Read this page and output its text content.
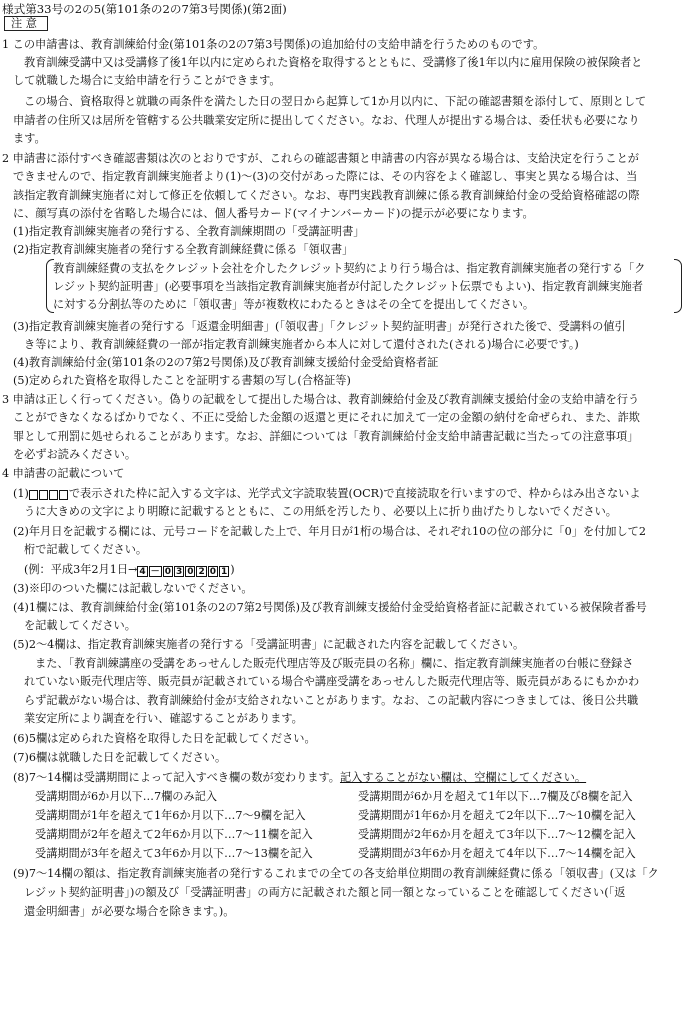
様式第33号の2の5(第101条の2の7第3号関係)(第2面)
注 意
1 この申請書は、教育訓練給付金(第101条の2の7第3号関係)の追加給付の支給申請を行うためのものです。
教育訓練受講中又は受講修了後1年以内に定められた資格を取得するとともに、受講修了後1年以内に雇用保険の被保険者と
して就職した場合に支給申請を行うことができます。
この場合、資格取得と就職の両条件を満たした日の翌日から起算して1か月以内に、下記の確認書類を添付して、原則として
申請者の住所又は居所を管轄する公共職業安定所に提出してください。なお、代理人が提出する場合は、委任状も必要になり
ます。
2 申請書に添付すべき確認書類は次のとおりですが、これらの確認書類と申請書の内容が異なる場合は、支給決定を行うことが
できませんので、指定教育訓練実施者より(1)～(3)の交付があった際には、その内容をよく確認し、事実と異なる場合は、当
該指定教育訓練実施者に対して修正を依頼してください。なお、専門実践教育訓練に係る教育訓練給付金の受給資格確認の際
に、顔写真の添付を省略した場合には、個人番号カード(マイナンバーカード)の提示が必要になります。
(1)指定教育訓練実施者の発行する、全教育訓練期間の「受講証明書」
(2)指定教育訓練実施者の発行する全教育訓練経費に係る「領収書」
教育訓練経費の支払をクレジット会社を介したクレジット契約により行う場合は、指定教育訓練実施者の発行する「ク
レジット契約証明書」(必要事項を当該指定教育訓練実施者が付記したクレジット伝票でもよい)、指定教育訓練実施者
に対する分割払等のために「領収書」等が複数枚にわたるときはその全てを提出してください。
(3)指定教育訓練実施者の発行する「返還金明細書」(「領収書」「クレジット契約証明書」が発行された後で、受講料の値引
き等により、教育訓練経費の一部が指定教育訓練実施者から本人に対して還付された(される)場合に必要です。)
(4)教育訓練給付金(第101条の2の7第2号関係)及び教育訓練支援給付金受給資格者証
(5)定められた資格を取得したことを証明する書類の写し(合格証等)
3 申請は正しく行ってください。偽りの記載をして提出した場合は、教育訓練給付金及び教育訓練支援給付金の支給申請を行う
ことができなくなるばかりでなく、不正に受給した金額の返還と更にそれに加えて一定の金額の納付を命ぜられ、また、詐欺
罪として刑罰に処せられることがあります。なお、詳細については「教育訓練給付金支給申請書記載に当たっての注意事項」
を必ずお読みください。
4 申請書の記載について
(1)	で表示された枠に記入する文字は、光学式文字読取装置(OCR)で直接読取を行いますので、枠からはみ出さないよ
うに大きめの文字により明瞭に記載するとともに、この用紙を汚したり、必要以上に折り曲げたりしないでください。
(2)年月日を記載する欄には、元号コードを記載した上で、年月日が1桁の場合は、それぞれ10の位の部分に「0」を付加して2
桁で記載してください。
(例：平成3年2月1日→ 4 － 0 3 0 2 0 1 )
(3)※印のついた欄には記載しないでください。
(4)1欄には、教育訓練給付金(第101条の2の7第2号関係)及び教育訓練支援給付金受給資格者証に記載されている被保険者番号
を記載してください。
(5)2～4欄は、指定教育訓練実施者の発行する「受講証明書」に記載された内容を記載してください。
また、「教育訓練講座の受講をあっせんした販売代理店等及び販売員の名称」欄に、指定教育訓練実施者の台帳に登録さ
れていない販売代理店等、販売員が記載されている場合や講座受講をあっせんした販売代理店等、販売員があるにもかかわ
らず記載がない場合は、教育訓練給付金が支給されないことがあります。なお、この記載内容につきましては、後日公共職
業安定所により調査を行い、確認することがあります。
(6)5欄は定められた資格を取得した日を記載してください。
(7)6欄は就職した日を記載してください。
(8)7～14欄は受講期間によって記入すべき欄の数が変わります。記入することがない欄は、空欄にしてください。
受講期間が6か月以下…7欄のみ記入	受講期間が6か月を超えて1年以下…7欄及び8欄を記入
受講期間が1年を超えて1年6か月以下…7～9欄を記入	受講期間が1年6か月を超えて2年以下…7～10欄を記入
受講期間が2年を超えて2年6か月以下…7～11欄を記入	受講期間が2年6か月を超えて3年以下…7～12欄を記入
受講期間が3年を超えて3年6か月以下…7～13欄を記入	受講期間が3年6か月を超えて4年以下…7～14欄を記入
(9)7～14欄の額は、指定教育訓練実施者の発行するこれまでの全ての各支給単位期間の教育訓練経費に係る「領収書」(又は「ク
レジット契約証明書」)の額及び「受講証明書」の両方に記載された額と同一額となっていることを確認してください(「返
還金明細書」が必要な場合を除きます。)。
